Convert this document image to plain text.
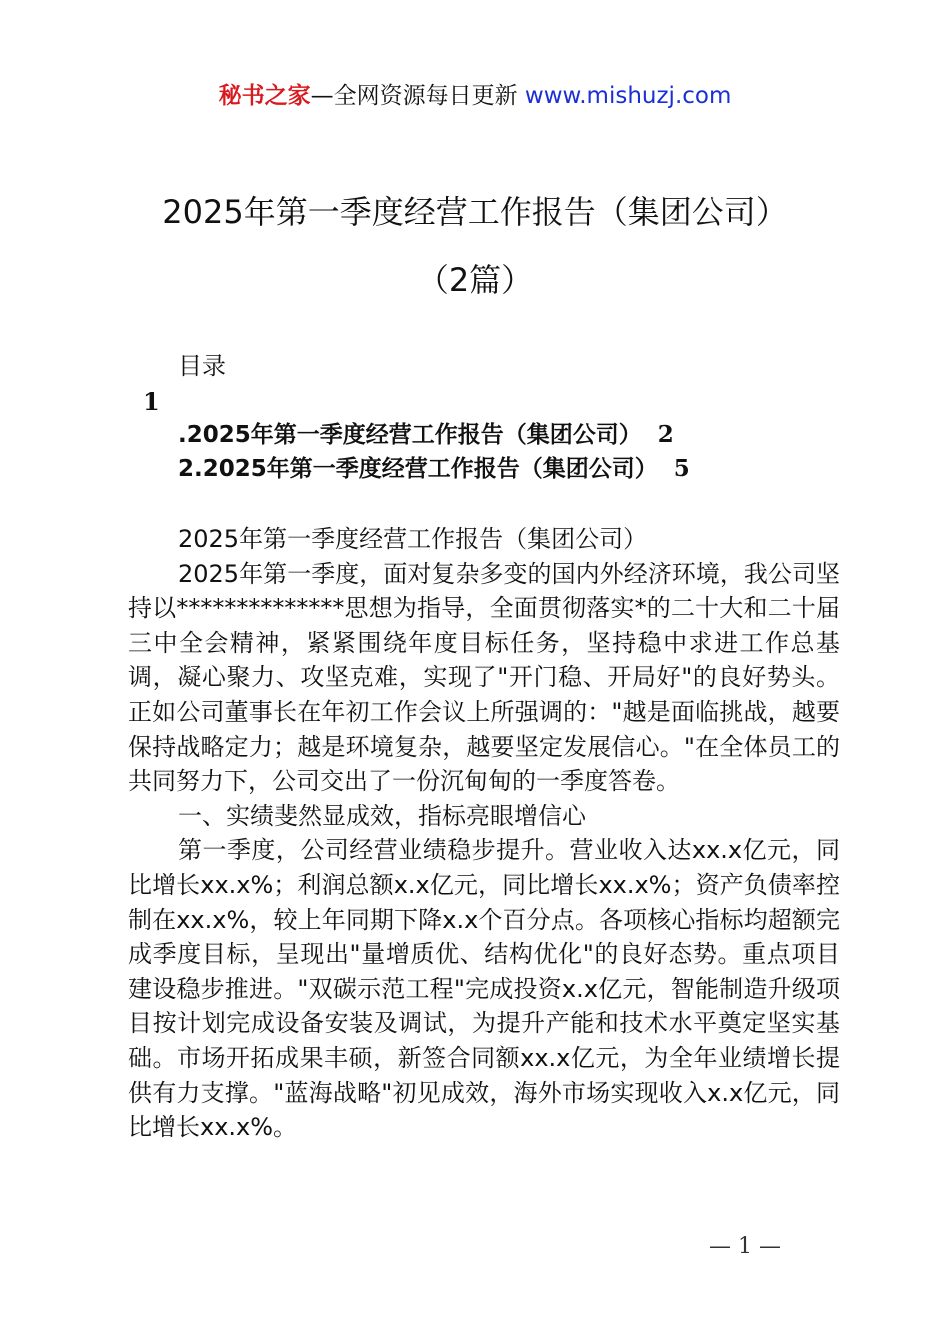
秘书之家—全网资源每日更新 www.mishuzj.com
2025年第一季度经营工作报告（集团公司）
（2篇）
目录
1
.2025年第一季度经营工作报告（集团公司） 2
2.2025年第一季度经营工作报告（集团公司） 5

2025年第一季度经营工作报告（集团公司）

2025年第一季度，面对复杂多变的国内外经济环境，我公司坚持以**************思想为指导，全面贯彻落实*的二十大和二十届三中全会精神，紧紧围绕年度目标任务，坚持稳中求进工作总基调，凝心聚力、攻坚克难，实现了"开门稳、开局好"的良好势头。正如公司董事长在年初工作会议上所强调的："越是面临挑战，越要保持战略定力；越是环境复杂，越要坚定发展信心。"在全体员工的共同努力下，公司交出了一份沉甸甸的一季度答卷。

一、实绩斐然显成效，指标亮眼增信心

第一季度，公司经营业绩稳步提升。营业收入达xx.x亿元，同比增长xx.x%；利润总额x.x亿元，同比增长xx.x%；资产负债率控制在xx.x%，较上年同期下降x.x个百分点。各项核心指标均超额完成季度目标，呈现出"量增质优、结构优化"的良好态势。重点项目建设稳步推进。"双碳示范工程"完成投资x.x亿元，智能制造升级项目按计划完成设备安装及调试，为提升产能和技术水平奠定坚实基础。市场开拓成果丰硕，新签合同额xx.x亿元，为全年业绩增长提供有力支撑。"蓝海战略"初见成效，海外市场实现收入x.x亿元，同比增长xx.x%。

— 1 —
